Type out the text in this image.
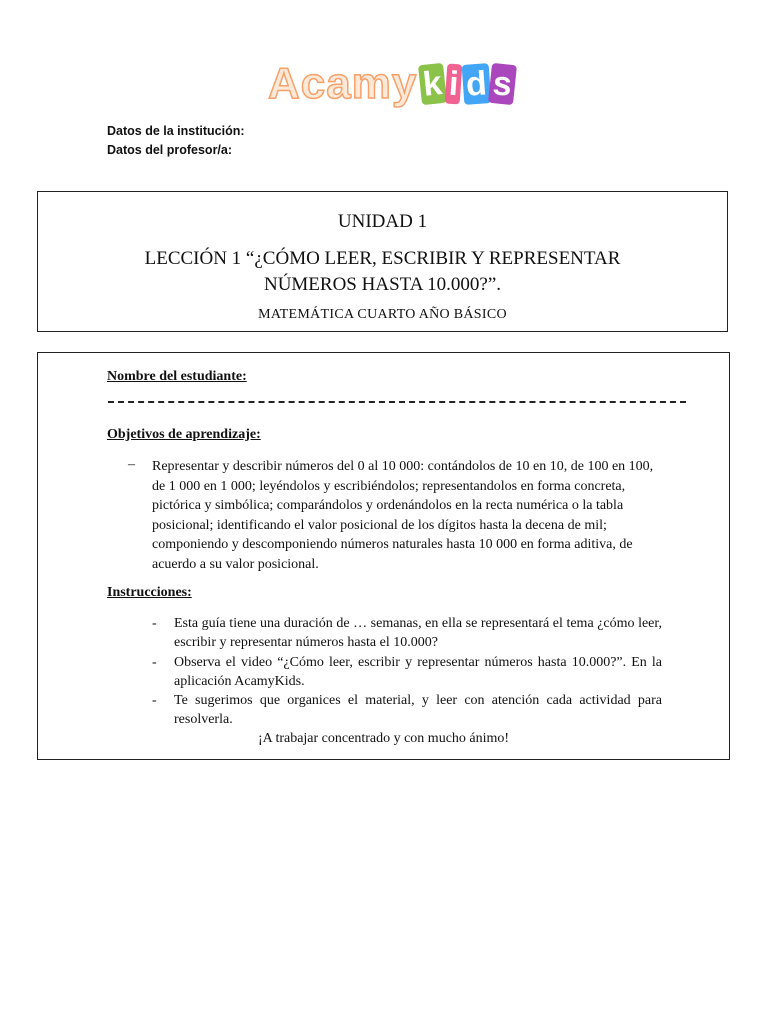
Acamy k i d s
Datos de la institución:
Datos del profesor/a:
UNIDAD 1
LECCIÓN 1 “¿CÓMO LEER, ESCRIBIR Y REPRESENTAR
NÚMEROS HASTA 10.000?”.
MATEMÁTICA CUARTO AÑO BÁSICO
Nombre del estudiante:
Objetivos de aprendizaje:
– Representar y describir números del 0 al 10 000: contándolos de 10 en 10, de 100 en 100, de 1 000 en 1 000; leyéndolos y escribiéndolos; representandolos en forma concreta, pictórica y simbólica; comparándolos y ordenándolos en la recta numérica o la tabla posicional; identificando el valor posicional de los dígitos hasta la decena de mil; componiendo y descomponiendo números naturales hasta 10 000 en forma aditiva, de acuerdo a su valor posicional.
Instrucciones:
- Esta guía tiene una duración de … semanas, en ella se representará el tema ¿cómo leer, escribir y representar números hasta el 10.000?
- Observa el video “¿Cómo leer, escribir y representar números hasta 10.000?”. En la aplicación AcamyKids.
- Te sugerimos que organices el material, y leer con atención cada actividad para resolverla.
¡A trabajar concentrado y con mucho ánimo!
